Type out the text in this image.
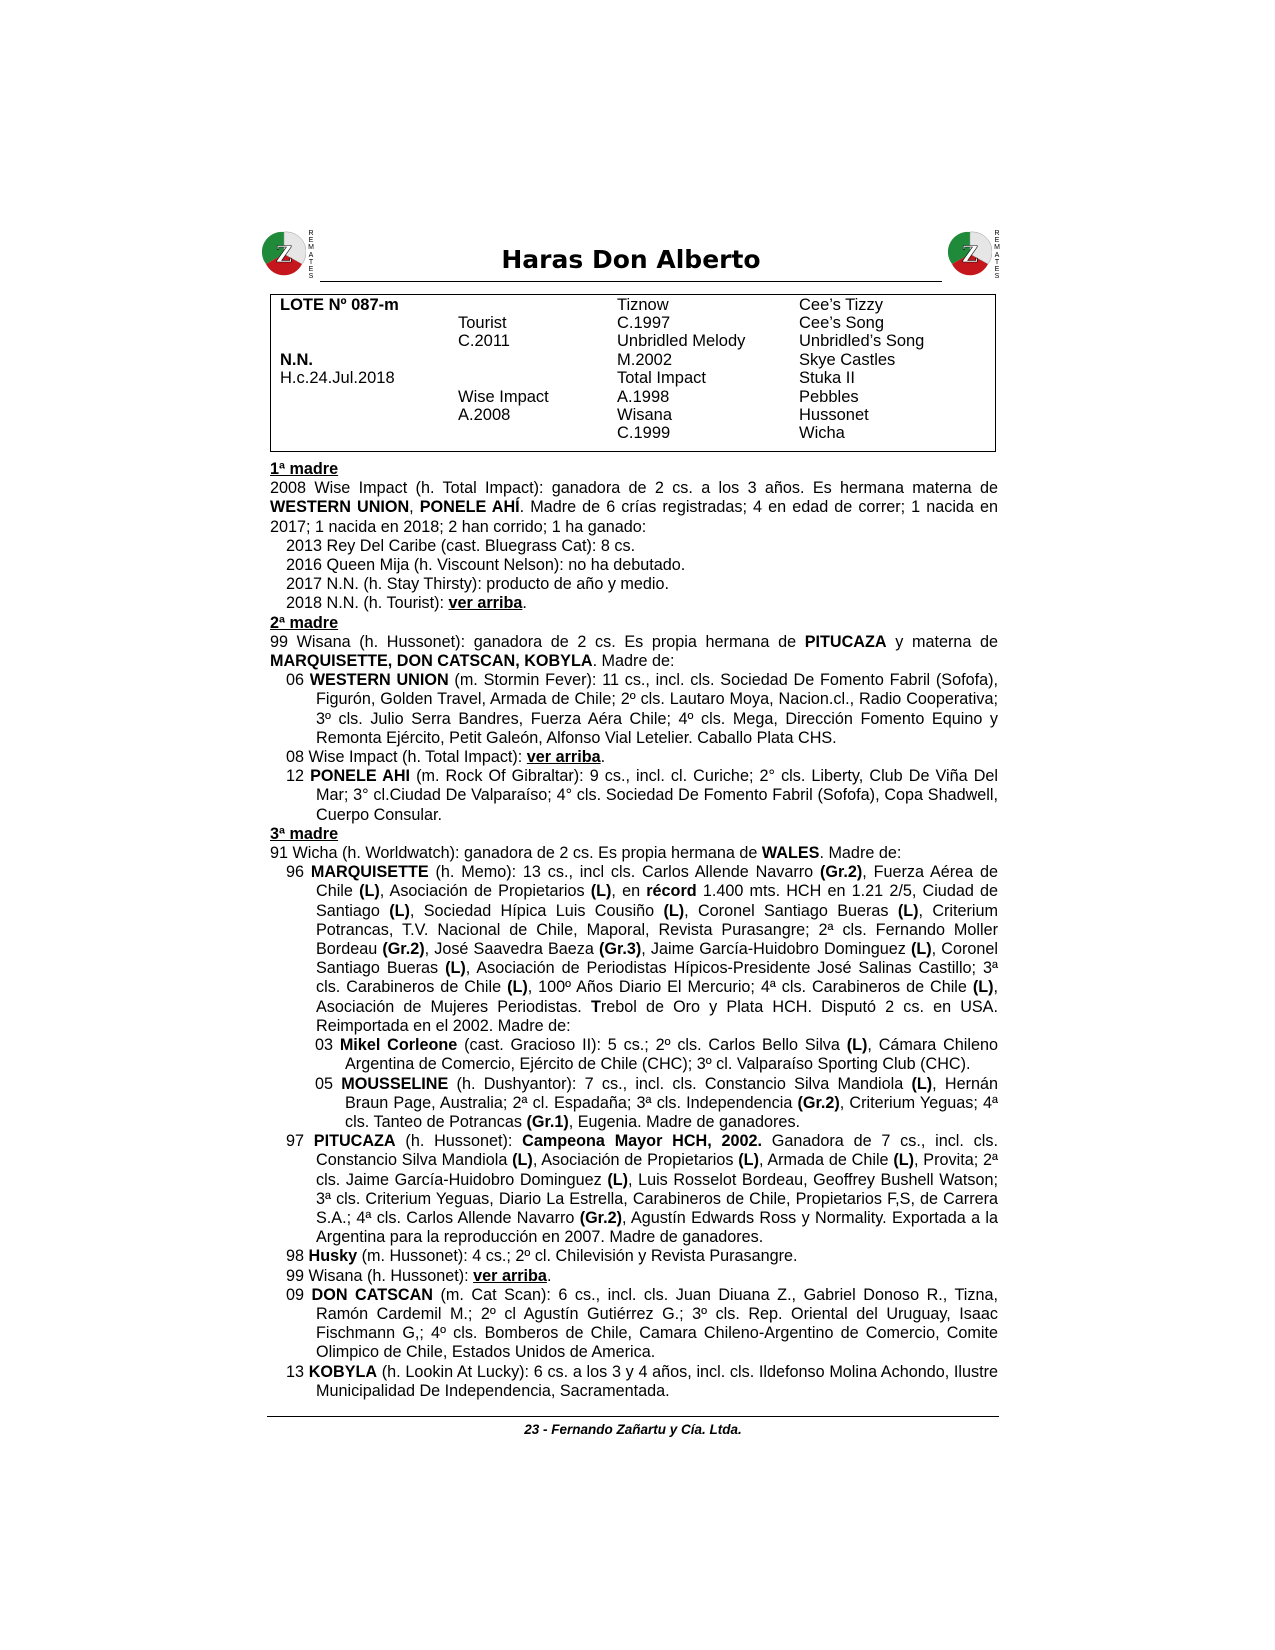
Z
R
E
M
A
T
E
S
Z
R
E
M
A
T
E
S
Haras Don Alberto
LOTE Nº 087-m
N.N.
H.c.24.Jul.2018
Tourist
C.2011
Wise Impact
A.2008
Tiznow
C.1997
Unbridled Melody
M.2002
Total Impact
A.1998
Wisana
C.1999
Cee’s Tizzy
Cee’s Song
Unbridled’s Song
Skye Castles
Stuka II
Pebbles
Hussonet
Wicha

1ª madre

2008 Wise Impact (h. Total Impact): ganadora de 2 cs. a los 3 años. Es hermana materna de WESTERN UNION, PONELE AHÍ. Madre de 6 crías registradas; 4 en edad de correr; 1 nacida en 2017; 1 nacida en 2018; 2 han corrido; 1 ha ganado:

2013 Rey Del Caribe (cast. Bluegrass Cat): 8 cs.

2016 Queen Mija (h. Viscount Nelson): no ha debutado.

2017 N.N. (h. Stay Thirsty): producto de año y medio.

2018 N.N. (h. Tourist): ver arriba.

2ª madre

99 Wisana (h. Hussonet): ganadora de 2 cs. Es propia hermana de PITUCAZA y materna de MARQUISETTE, DON CATSCAN, KOBYLA. Madre de:

06 WESTERN UNION (m. Stormin Fever): 11 cs., incl. cls. Sociedad De Fomento Fabril (Sofofa), Figurón, Golden Travel, Armada de Chile; 2º cls. Lautaro Moya, Nacion.cl., Radio Cooperativa; 3º cls. Julio Serra Bandres, Fuerza Aéra Chile; 4º cls. Mega, Dirección Fomento Equino y Remonta Ejército, Petit Galeón, Alfonso Vial Letelier. Caballo Plata CHS.

08 Wise Impact (h. Total Impact): ver arriba.

12 PONELE AHI (m. Rock Of Gibraltar): 9 cs., incl. cl. Curiche; 2° cls. Liberty, Club De Viña Del Mar; 3° cl.Ciudad De Valparaíso; 4° cls. Sociedad De Fomento Fabril (Sofofa), Copa Shadwell, Cuerpo Consular.

3ª madre

91 Wicha (h. Worldwatch): ganadora de 2 cs. Es propia hermana de WALES. Madre de:

96 MARQUISETTE (h. Memo): 13 cs., incl cls. Carlos Allende Navarro (Gr.2), Fuerza Aérea de Chile (L), Asociación de Propietarios (L), en récord 1.400 mts. HCH en 1.21 2/5, Ciudad de Santiago (L), Sociedad Hípica Luis Cousiño (L), Coronel Santiago Bueras (L), Criterium Potrancas, T.V. Nacional de Chile, Maporal, Revista Purasangre; 2ª cls. Fernando Moller Bordeau (Gr.2), José Saavedra Baeza (Gr.3), Jaime García-Huidobro Dominguez (L), Coronel Santiago Bueras (L), Asociación de Periodistas Hípicos-Presidente José Salinas Castillo; 3ª cls. Carabineros de Chile (L), 100º Años Diario El Mercurio; 4ª cls. Carabineros de Chile (L), Asociación de Mujeres Periodistas. Trebol de Oro y Plata HCH. Disputó 2 cs. en USA. Reimportada en el 2002. Madre de:

03 Mikel Corleone (cast. Gracioso II): 5 cs.; 2º cls. Carlos Bello Silva (L), Cámara Chileno Argentina de Comercio, Ejército de Chile (CHC); 3º cl. Valparaíso Sporting Club (CHC).

05 MOUSSELINE (h. Dushyantor): 7 cs., incl. cls. Constancio Silva Mandiola (L), Hernán Braun Page, Australia; 2ª cl. Espadaña; 3ª cls. Independencia (Gr.2), Criterium Yeguas; 4ª cls. Tanteo de Potrancas (Gr.1), Eugenia. Madre de ganadores.

97 PITUCAZA (h. Hussonet): Campeona Mayor HCH, 2002. Ganadora de 7 cs., incl. cls. Constancio Silva Mandiola (L), Asociación de Propietarios (L), Armada de Chile (L), Provita; 2ª cls. Jaime García-Huidobro Dominguez (L), Luis Rosselot Bordeau, Geoffrey Bushell Watson; 3ª cls. Criterium Yeguas, Diario La Estrella, Carabineros de Chile, Propietarios F,S, de Carrera S.A.; 4ª cls. Carlos Allende Navarro (Gr.2), Agustín Edwards Ross y Normality. Exportada a la Argentina para la reproducción en 2007. Madre de ganadores.

98 Husky (m. Hussonet): 4 cs.; 2º cl. Chilevisión y Revista Purasangre.

99 Wisana (h. Hussonet): ver arriba.

09 DON CATSCAN (m. Cat Scan): 6 cs., incl. cls. Juan Diuana Z., Gabriel Donoso R., Tizna, Ramón Cardemil M.; 2º cl Agustín Gutiérrez G.; 3º cls. Rep. Oriental del Uruguay, Isaac Fischmann G,; 4º cls. Bomberos de Chile, Camara Chileno-Argentino de Comercio, Comite Olimpico de Chile, Estados Unidos de America.

13 KOBYLA (h. Lookin At Lucky): 6 cs. a los 3 y 4 años, incl. cls. Ildefonso Molina Achondo, Ilustre Municipalidad De Independencia, Sacramentada.

23 - Fernando Zañartu y Cía. Ltda.
